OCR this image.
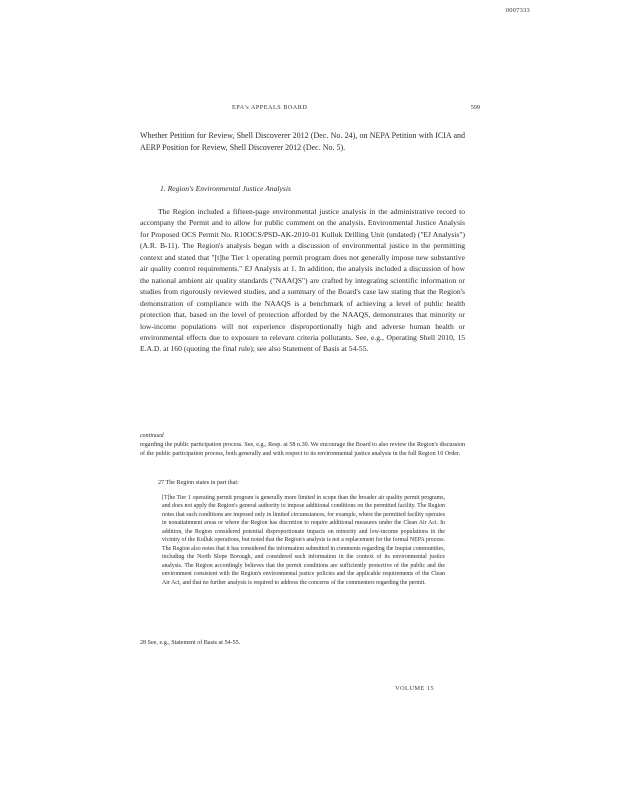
0007333
EPA's APPEALS BOARD	599
Whether Petition for Review, Shell Discoverer 2012 (Dec. No. 24), on NEPA Petition with ICIA and AERP Position for Review, Shell Discoverer 2012 (Dec. No. 5).
1. Region's Environmental Justice Analysis

The Region included a fifteen-page environmental justice analysis in the administrative record to accompany the Permit and to allow for public comment on the analysis. Environmental Justice Analysis for Proposed OCS Permit No. R10OCS/PSD-AK-2010-01 Kulluk Drilling Unit (undated) ("EJ Analysis") (A.R. B-11). The Region's analysis began with a discussion of environmental justice in the permitting context and stated that "[t]he Tier 1 operating permit program does not generally impose new substantive air quality control requirements." EJ Analysis at 1. In addition, the analysis included a discussion of how the national ambient air quality standards ("NAAQS") are crafted by integrating scientific information or studies from rigorously reviewed studies, and a summary of the Board's case law stating that the Region's demonstration of compliance with the NAAQS is a benchmark of achieving a level of public health protection that, based on the level of protection afforded by the NAAQS, demonstrates that minority or low-income populations will not experience disproportionally high and adverse human health or environmental effects due to exposure to relevant criteria pollutants. See, e.g., Operating Shell 2010, 15 E.A.D. at 160 (quoting the final rule); see also Statement of Basis at 54-55.

continued
regarding the public participation process. See, e.g., Resp. at 58 n.30. We encourage the Board to also review the Region's discussion of the public participation process, both generally and with respect to its environmental justice analysis in the full Region 10 Order.
27 The Region states in part that:
[T]he Tier 1 operating permit program is generally more limited in scope than the broader air quality permit programs, and does not apply the Region's general authority to impose additional conditions on the permitted facility. The Region notes that such conditions are imposed only in limited circumstances, for example, where the permitted facility operates in nonattainment areas or where the Region has discretion to require additional measures under the Clean Air Act. In addition, the Region considered potential disproportionate impacts on minority and low-income populations in the vicinity of the Kulluk operations, but noted that the Region's analysis is not a replacement for the formal NEPA process. The Region also notes that it has considered the information submitted in comments regarding the Inupiat communities, including the North Slope Borough, and considered such information in the context of its environmental justice analysis. The Region accordingly believes that the permit conditions are sufficiently protective of the public and the environment consistent with the Region's environmental justice policies and the applicable requirements of the Clean Air Act, and that no further analysis is required to address the concerns of the commenters regarding the permit.
28 See, e.g., Statement of Basis at 54-55.
VOLUME 15
